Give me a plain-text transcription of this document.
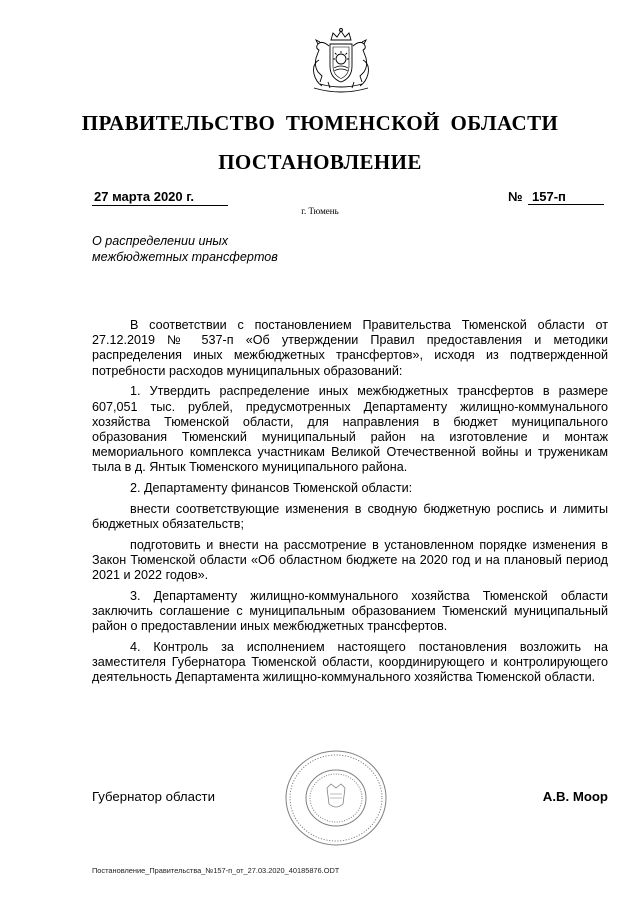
ПРАВИТЕЛЬСТВО ТЮМЕНСКОЙ ОБЛАСТИ
ПОСТАНОВЛЕНИЕ
27 марта 2020 г.	№ 157-п
г. Тюмень
О распределении иных
межбюджетных трансфертов

В соответствии с постановлением Правительства Тюменской области от 27.12.2019 № 537-п «Об утверждении Правил предоставления и методики распределения иных межбюджетных трансфертов», исходя из подтвержденной потребности расходов муниципальных образований:

1. Утвердить распределение иных межбюджетных трансфертов в размере 607,051 тыс. рублей, предусмотренных Департаменту жилищно-коммунального хозяйства Тюменской области, для направления в бюджет муниципального образования Тюменский муниципальный район на изготовление и монтаж мемориального комплекса участникам Великой Отечественной войны и труженикам тыла в д. Янтык Тюменского муниципального района.

2. Департаменту финансов Тюменской области:

внести соответствующие изменения в сводную бюджетную роспись и лимиты бюджетных обязательств;

подготовить и внести на рассмотрение в установленном порядке изменения в Закон Тюменской области «Об областном бюджете на 2020 год и на плановый период 2021 и 2022 годов».

3. Департаменту жилищно-коммунального хозяйства Тюменской области заключить соглашение с муниципальным образованием Тюменский муниципальный район о предоставлении иных межбюджетных трансфертов.

4. Контроль за исполнением настоящего постановления возложить на заместителя Губернатора Тюменской области, координирующего и контролирующего деятельность Департамента жилищно-коммунального хозяйства Тюменской области.

Губернатор области	А.В. Моор
Постановление_Правительства_№157-п_от_27.03.2020_40185876.ODT
